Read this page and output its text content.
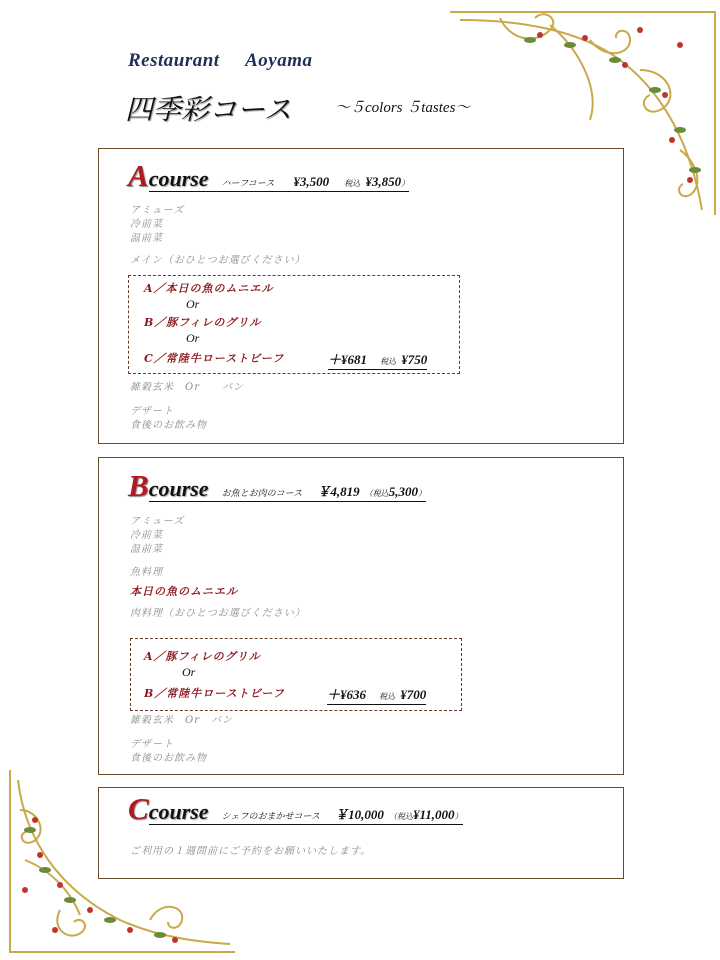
Restaurant     Aoyama
四季彩コース	～５colors ５tastes～
Acourse ハーフコース ¥3,500 税込 ¥3,850）
アミューズ
冷前菜
温前菜
メイン（おひとつお選びください）
A／本日の魚のムニエル
Or
B／豚フィレのグリル
Or
C／常陸牛ローストビーフ	＋¥681 税込 ¥750
雑穀玄米　Or　　パン
デザート
食後のお飲み物
Bcourse お魚とお肉のコース ￥4,819 （税込5,300）
アミューズ
冷前菜
温前菜
魚料理
本日の魚のムニエル
肉料理（おひとつお選びください）
A／豚フィレのグリル
Or
B／常陸牛ローストビーフ	＋¥636 税込 ¥700
雑穀玄米　Or　パン
デザート
食後のお飲み物
Ccourse シェフのおまかせコース ￥10,000 （税込¥11,000）
ご利用の１週間前にご予約をお願いいたします。
